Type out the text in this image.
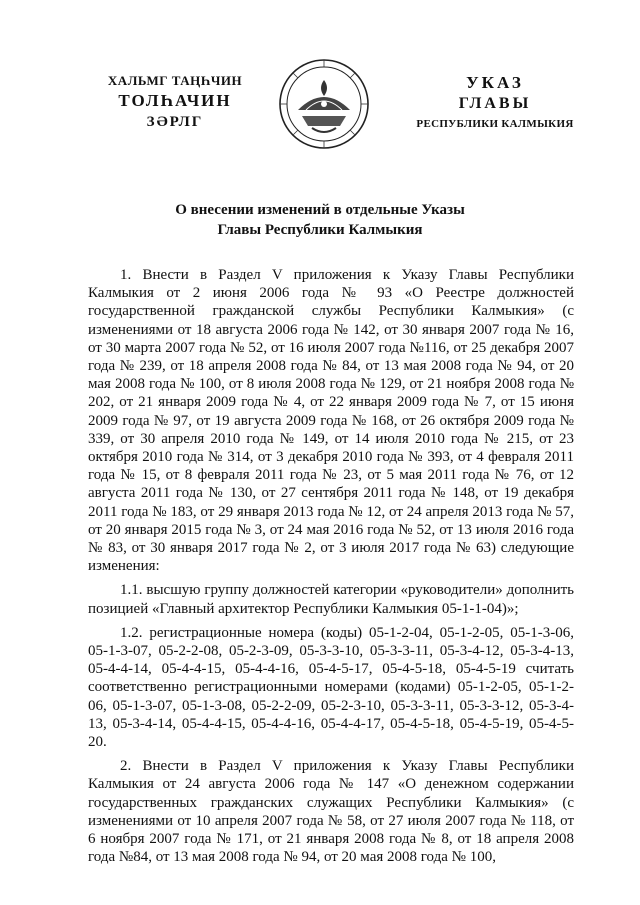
ХАЛЬМГ ТАҢҺЧИН
ТОЛҺАЧИН
ЗӘРЛГ
УКАЗ
ГЛАВЫ
РЕСПУБЛИКИ КАЛМЫКИЯ
О внесении изменений в отдельные Указы
Главы Республики Калмыкия

1. Внести в Раздел V приложения к Указу Главы Республики Калмыкия от 2 июня 2006 года № 93 «О Реестре должностей государственной гражданской службы Республики Калмыкия» (с изменениями от 18 августа 2006 года № 142, от 30 января 2007 года № 16, от 30 марта 2007 года № 52, от 16 июля 2007 года №116, от 25 декабря 2007 года № 239, от 18 апреля 2008 года № 84, от 13 мая 2008 года № 94, от 20 мая 2008 года № 100, от 8 июля 2008 года № 129, от 21 ноября 2008 года № 202, от 21 января 2009 года № 4, от 22 января 2009 года № 7, от 15 июня 2009 года № 97, от 19 августа 2009 года № 168, от 26 октября 2009 года № 339, от 30 апреля 2010 года № 149, от 14 июля 2010 года № 215, от 23 октября 2010 года № 314, от 3 декабря 2010 года № 393, от 4 февраля 2011 года № 15, от 8 февраля 2011 года № 23, от 5 мая 2011 года № 76, от 12 августа 2011 года № 130, от 27 сентября 2011 года № 148, от 19 декабря 2011 года № 183, от 29 января 2013 года № 12, от 24 апреля 2013 года № 57, от 20 января 2015 года № 3, от 24 мая 2016 года № 52, от 13 июля 2016 года № 83, от 30 января 2017 года № 2, от 3 июля 2017 года № 63) следующие изменения:

1.1. высшую группу должностей категории «руководители» дополнить позицией «Главный архитектор Республики Калмыкия 05-1-1-04)»;

1.2. регистрационные номера (коды) 05-1-2-04, 05-1-2-05, 05-1-3-06, 05-1-3-07, 05-2-2-08, 05-2-3-09, 05-3-3-10, 05-3-3-11, 05-3-4-12, 05-3-4-13, 05-4-4-14, 05-4-4-15, 05-4-4-16, 05-4-5-17, 05-4-5-18, 05-4-5-19 считать соответственно регистрационными номерами (кодами) 05-1-2-05, 05-1-2-06, 05-1-3-07, 05-1-3-08, 05-2-2-09, 05-2-3-10, 05-3-3-11, 05-3-3-12, 05-3-4-13, 05-3-4-14, 05-4-4-15, 05-4-4-16, 05-4-4-17, 05-4-5-18, 05-4-5-19, 05-4-5-20.

2. Внести в Раздел V приложения к Указу Главы Республики Калмыкия от 24 августа 2006 года № 147 «О денежном содержании государственных гражданских служащих Республики Калмыкия» (с изменениями от 10 апреля 2007 года № 58, от 27 июля 2007 года № 118, от 6 ноября 2007 года № 171, от 21 января 2008 года № 8, от 18 апреля 2008 года №84, от 13 мая 2008 года № 94, от 20 мая 2008 года № 100,
